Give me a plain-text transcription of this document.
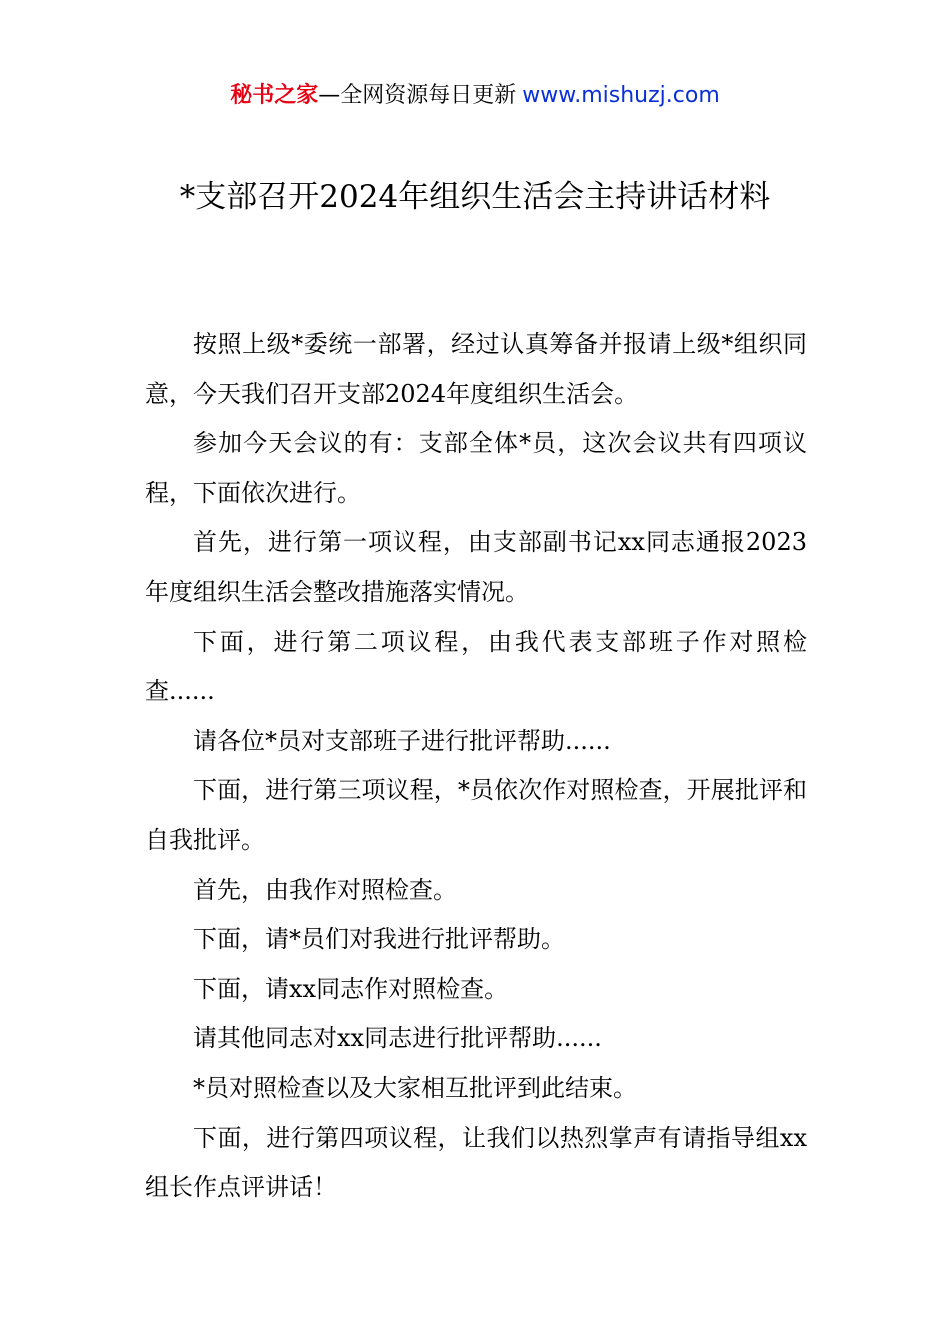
秘书之家—全网资源每日更新 www.mishuzj.com
*支部召开2024年组织生活会主持讲话材料

按照上级*委统一部署，经过认真筹备并报请上级*组织同意，今天我们召开支部2024年度组织生活会。

参加今天会议的有：支部全体*员，这次会议共有四项议程，下面依次进行。

首先，进行第一项议程，由支部副书记xx同志通报2023年度组织生活会整改措施落实情况。

下面，进行第二项议程，由我代表支部班子作对照检查......

请各位*员对支部班子进行批评帮助......

下面，进行第三项议程，*员依次作对照检查，开展批评和自我批评。

首先，由我作对照检查。

下面，请*员们对我进行批评帮助。

下面，请xx同志作对照检查。

请其他同志对xx同志进行批评帮助......

*员对照检查以及大家相互批评到此结束。

下面，进行第四项议程，让我们以热烈掌声有请指导组xx组长作点评讲话！
